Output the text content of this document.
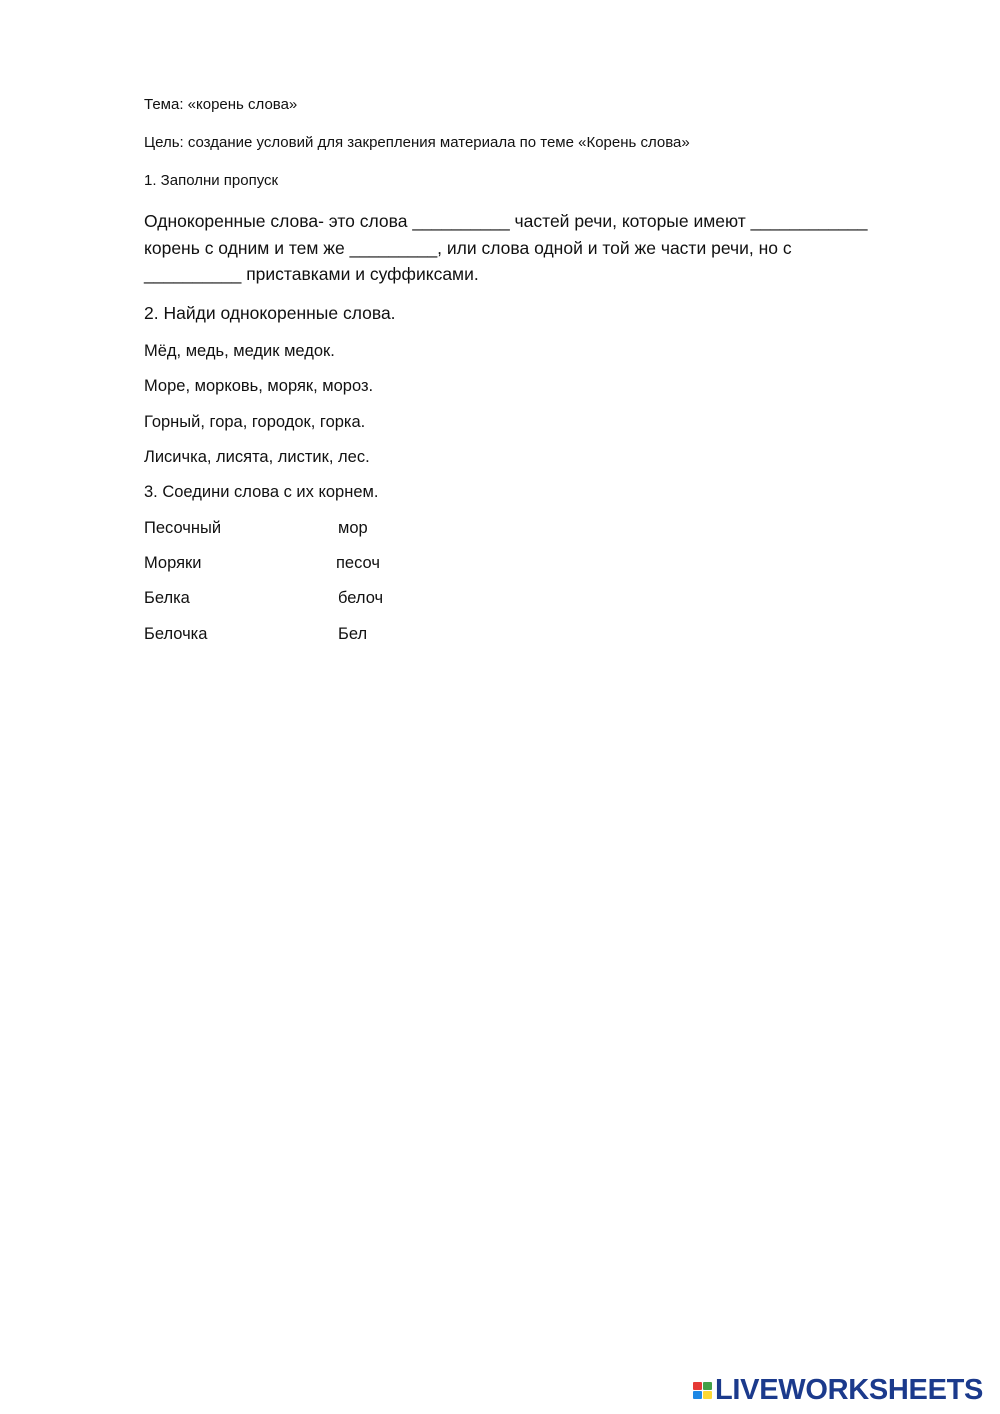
Тема: «корень слова»
Цель: создание условий для закрепления материала по теме «Корень слова»
1. Заполни пропуск
Однокоренные слова- это слова __________ частей речи, которые имеют ____________
корень с одним и тем же _________, или слова одной и той же части речи, но с
__________ приставками и суффиксами.
2. Найди однокоренные слова.
Мёд, медь, медик медок.
Море, морковь, моряк, мороз.
Горный, гора, городок, горка.
Лисичка, лисята, листик, лес.
3. Соедини слова с их корнем.
Песочный	мор
Моряки	песоч
Белка	белоч
Белочка	Бел
LIVEWORKSHEETS
